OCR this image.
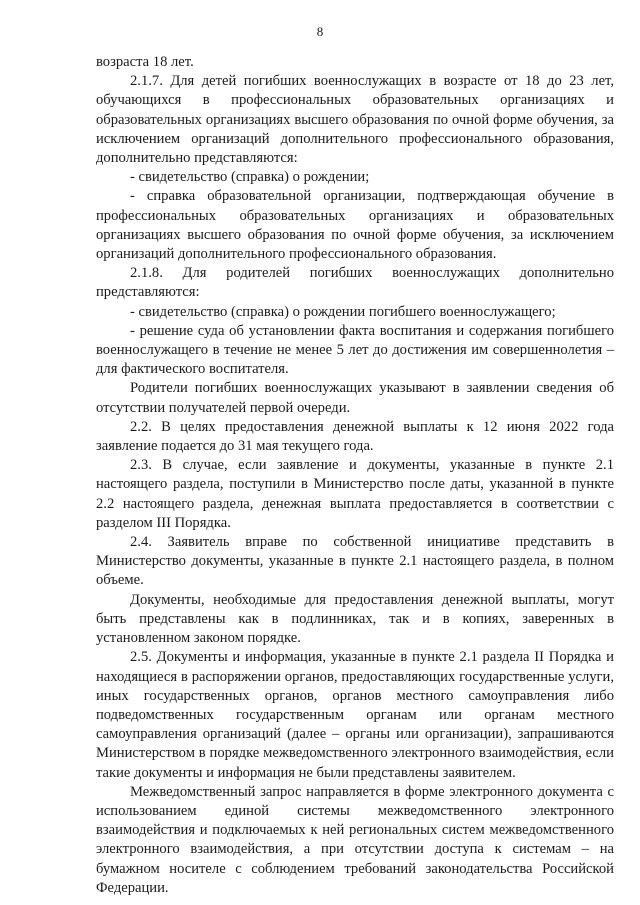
8

возраста 18 лет.

2.1.7. Для детей погибших военнослужащих в возрасте от 18 до 23 лет, обучающихся в профессиональных образовательных организациях и образовательных организациях высшего образования по очной форме обучения, за исключением организаций дополнительного профессионального образования, дополнительно представляются:

- свидетельство (справка) о рождении;

- справка образовательной организации, подтверждающая обучение в профессиональных образовательных организациях и образовательных организациях высшего образования по очной форме обучения, за исключением организаций дополнительного профессионального образования.

2.1.8. Для родителей погибших военнослужащих дополнительно представляются:

- свидетельство (справка) о рождении погибшего военнослужащего;

- решение суда об установлении факта воспитания и содержания погибшего военнослужащего в течение не менее 5 лет до достижения им совершеннолетия – для фактического воспитателя.

Родители погибших военнослужащих указывают в заявлении сведения об отсутствии получателей первой очереди.

2.2. В целях предоставления денежной выплаты к 12 июня 2022 года заявление подается до 31 мая текущего года.

2.3. В случае, если заявление и документы, указанные в пункте 2.1 настоящего раздела, поступили в Министерство после даты, указанной в пункте 2.2 настоящего раздела, денежная выплата предоставляется в соответствии с разделом III Порядка.

2.4. Заявитель вправе по собственной инициативе представить в Министерство документы, указанные в пункте 2.1 настоящего раздела, в полном объеме.

Документы, необходимые для предоставления денежной выплаты, могут быть представлены как в подлинниках, так и в копиях, заверенных в установленном законом порядке.

2.5. Документы и информация, указанные в пункте 2.1 раздела II Порядка и находящиеся в распоряжении органов, предоставляющих государственные услуги, иных государственных органов, органов местного самоуправления либо подведомственных государственным органам или органам местного самоуправления организаций (далее – органы или организации), запрашиваются Министерством в порядке межведомственного электронного взаимодействия, если такие документы и информация не были представлены заявителем.

Межведомственный запрос направляется в форме электронного документа с использованием единой системы межведомственного электронного взаимодействия и подключаемых к ней региональных систем межведомственного электронного взаимодействия, а при отсутствии доступа к системам – на бумажном носителе с соблюдением требований законодательства Российской Федерации.
